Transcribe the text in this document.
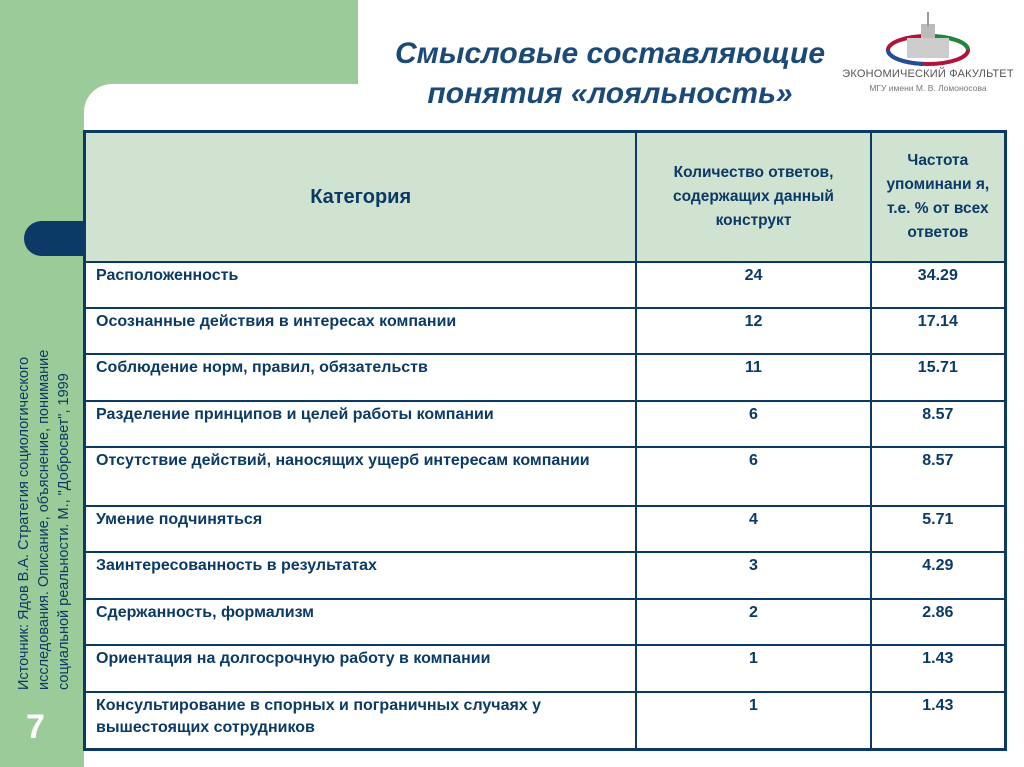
Источник: Ядов В.А. Стратегия социологического исследования. Описание, объяснение, понимание социальной реальности. М., "Добросвет", 1999
7
Смысловые составляющие
понятия «лояльность»
ЭКОНОМИЧЕСКИЙ ФАКУЛЬТЕТ
МГУ имени М. В. Ломоносова
Категория	Количество ответов, содержащих данный конструкт	Частота упоминани я, т.е. % от всех ответов
Расположенность	24	34.29
Осознанные действия в интересах компании	12	17.14
Соблюдение норм, правил, обязательств	11	15.71
Разделение принципов и целей работы компании	6	8.57
Отсутствие действий, наносящих ущерб интересам компании	6	8.57
Умение подчиняться	4	5.71
Заинтересованность в результатах	3	4.29
Сдержанность, формализм	2	2.86
Ориентация на долгосрочную работу в компании	1	1.43
Консультирование в спорных и пограничных случаях у вышестоящих сотрудников	1	1.43
